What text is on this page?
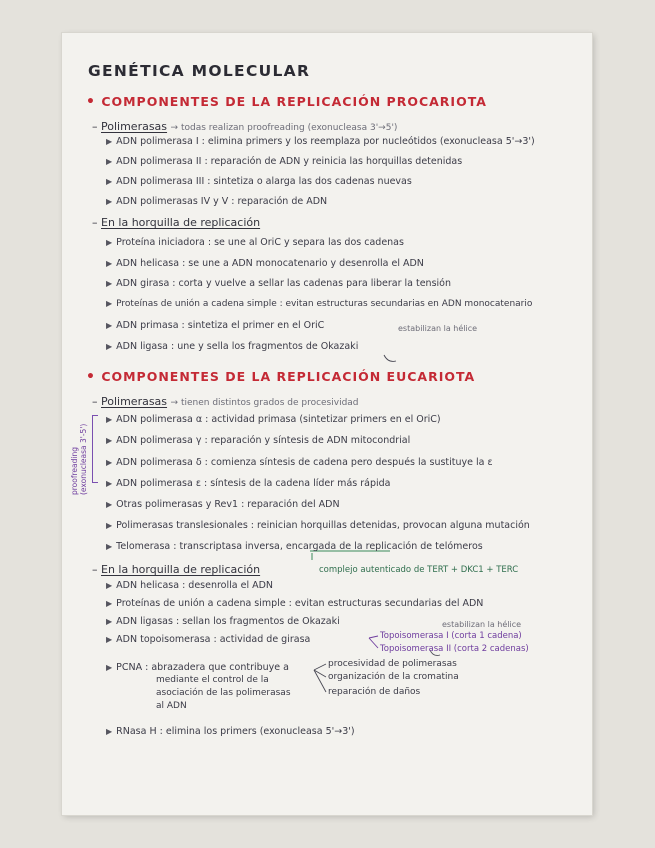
GENÉTICA MOLECULAR
• COMPONENTES DE LA REPLICACIÓN PROCARIOTA
– Polimerasas → todas realizan proofreading (exonucleasa 3'→5')
▶ ADN polimerasa I : elimina primers y los reemplaza por nucleótidos (exonucleasa 5'→3')
▶ ADN polimerasa II : reparación de ADN y reinicia las horquillas detenidas
▶ ADN polimerasa III : sintetiza o alarga las dos cadenas nuevas
▶ ADN polimerasas IV y V : reparación de ADN
– En la horquilla de replicación
▶ Proteína iniciadora : se une al OriC y separa las dos cadenas
▶ ADN helicasa : se une a ADN monocatenario y desenrolla el ADN
▶ ADN girasa : corta y vuelve a sellar las cadenas para liberar la tensión
▶ Proteínas de unión a cadena simple : evitan estructuras secundarias en ADN monocatenario
▶ ADN primasa : sintetiza el primer en el OriC	estabilizan la hélice
▶ ADN ligasa : une y sella los fragmentos de Okazaki
• COMPONENTES DE LA REPLICACIÓN EUCARIOTA
– Polimerasas → tienen distintos grados de procesividad
proofreading (exonucleasa 3'-5')
▶ ADN polimerasa α : actividad primasa (sintetizar primers en el OriC)
▶ ADN polimerasa γ : reparación y síntesis de ADN mitocondrial
▶ ADN polimerasa δ : comienza síntesis de cadena pero después la sustituye la ε
▶ ADN polimerasa ε : síntesis de la cadena líder más rápida
▶ Otras polimerasas y Rev1 : reparación del ADN
▶ Polimerasas translesionales : reinician horquillas detenidas, provocan alguna mutación
▶ Telomerasa : transcriptasa inversa, encargada de la replicación de telómeros
– En la horquilla de replicación	complejo autenticado de TERT + DKC1 + TERC
▶ ADN helicasa : desenrolla el ADN
▶ Proteínas de unión a cadena simple : evitan estructuras secundarias del ADN
▶ ADN ligasas : sellan los fragmentos de Okazaki	estabilizan la hélice
▶ ADN topoisomerasa : actividad de girasa	Topoisomerasa I (corta 1 cadena)
Topoisomerasa II (corta 2 cadenas)
▶ PCNA : abrazadera que contribuye a
mediante el control de la
asociación de las polimerasas
al ADN
procesividad de polimerasas
organización de la cromatina
reparación de daños
▶ RNasa H : elimina los primers (exonucleasa 5'→3')
